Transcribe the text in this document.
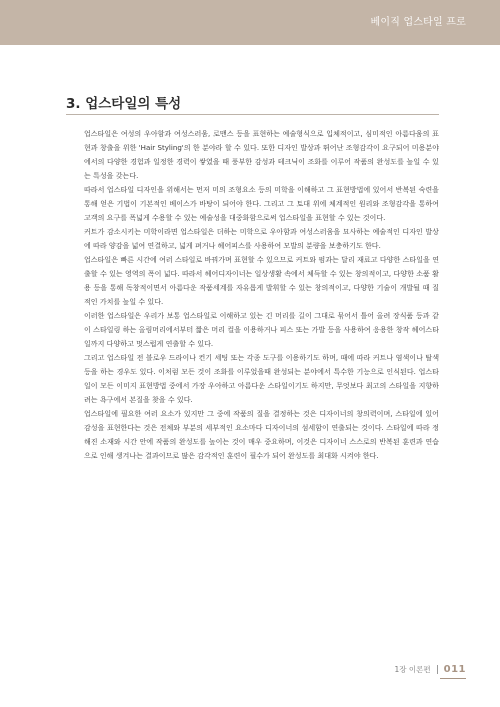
베이직 업스타일 프로
3. 업스타일의 특성

업스타일은 여성의 우아함과 여성스러움, 로맨스 등을 표현하는 예술형식으로 입체적이고, 심미적인 아름다움의 표현과 창출을 위한 'Hair Styling'의 한 분야라 할 수 있다. 또한 디자인 발상과 뛰어난 조형감각이 요구되어 미용분야에서의 다양한 경험과 일정한 경력이 쌓였을 때 풍부한 감성과 테크닉이 조화를 이루어 작품의 완성도를 높일 수 있는 특성을 갖는다.

따라서 업스타일 디자인을 위해서는 먼저 미의 조형요소 등의 미학을 이해하고 그 표현방법에 있어서 반복된 숙련을 통해 얻은 기법이 기본적인 베이스가 바탕이 되어야 한다. 그리고 그 토대 위에 체계적인 원리와 조형감각을 통하여 고객의 요구를 폭넓게 수용할 수 있는 예술성을 대중화함으로써 업스타일을 표현할 수 있는 것이다.

커트가 감소시키는 미학이라면 업스타일은 더하는 미학으로 우아함과 여성스러움을 묘사하는 예술적인 디자인 발상에 따라 양감을 넓여 연결하고, 넓게 펴거나 헤어피스를 사용하여 모발의 분량을 보충하기도 한다.

업스타일은 빠른 시간에 여러 스타일로 바꿔가며 표현할 수 있으므로 커트와 펌과는 달리 재료고 다양한 스타일을 연출할 수 있는 영역의 폭이 넓다. 따라서 헤어디자이너는 일상생활 속에서 체득할 수 있는 창의적이고, 다양한 소품 활용 등을 통해 독창적이면서 아름다운 작품세계를 자유롭게 발휘할 수 있는 창의적이고, 다양한 기술이 개발될 때 질적인 가치를 높일 수 있다.

이러한 업스타일은 우리가 보통 업스타일로 이해하고 있는 긴 머리를 길이 그대로 묶어서 틀어 올려 장식품 등과 같이 스타일링 하는 올림머리에서부터 짧은 머리 컬을 이용하거나 피스 또는 가발 등을 사용하여 응용한 창작 헤어스타일까지 다양하고 멋스럽게 연출할 수 있다.

그리고 업스타일 전 블로우 드라이나 컨기 세팅 또는 각종 도구를 이용하기도 하며, 때에 따라 커트나 염색이나 탈색 등을 하는 경우도 있다. 이처럼 모든 것이 조화를 이루었을때 완성되는 분야에서 특수한 기능으로 인식된다. 업스타일이 모든 이미지 표현방법 중에서 가장 우아하고 아름다운 스타일이기도 하지만, 무엇보다 최고의 스타일을 지향하려는 욕구에서 본질을 찾을 수 있다.

업스타일에 필요한 여러 요소가 있지만 그 중에 작품의 질을 결정하는 것은 디자이너의 창의력이며, 스타일에 있어 감성을 표현한다는 것은 전체와 부분의 세부적인 요소마다 디자이너의 섬세함이 연출되는 것이다. 스타일에 따라 정해진 소재와 시간 안에 작품의 완성도를 높이는 것이 매우 중요하며, 이것은 디자이너 스스로의 반복된 훈련과 연습으로 인해 생겨나는 결과이므로 많은 감각적인 훈련이 필수가 되어 완성도를 최대화 시켜야 한다.

1장 이론편 011
